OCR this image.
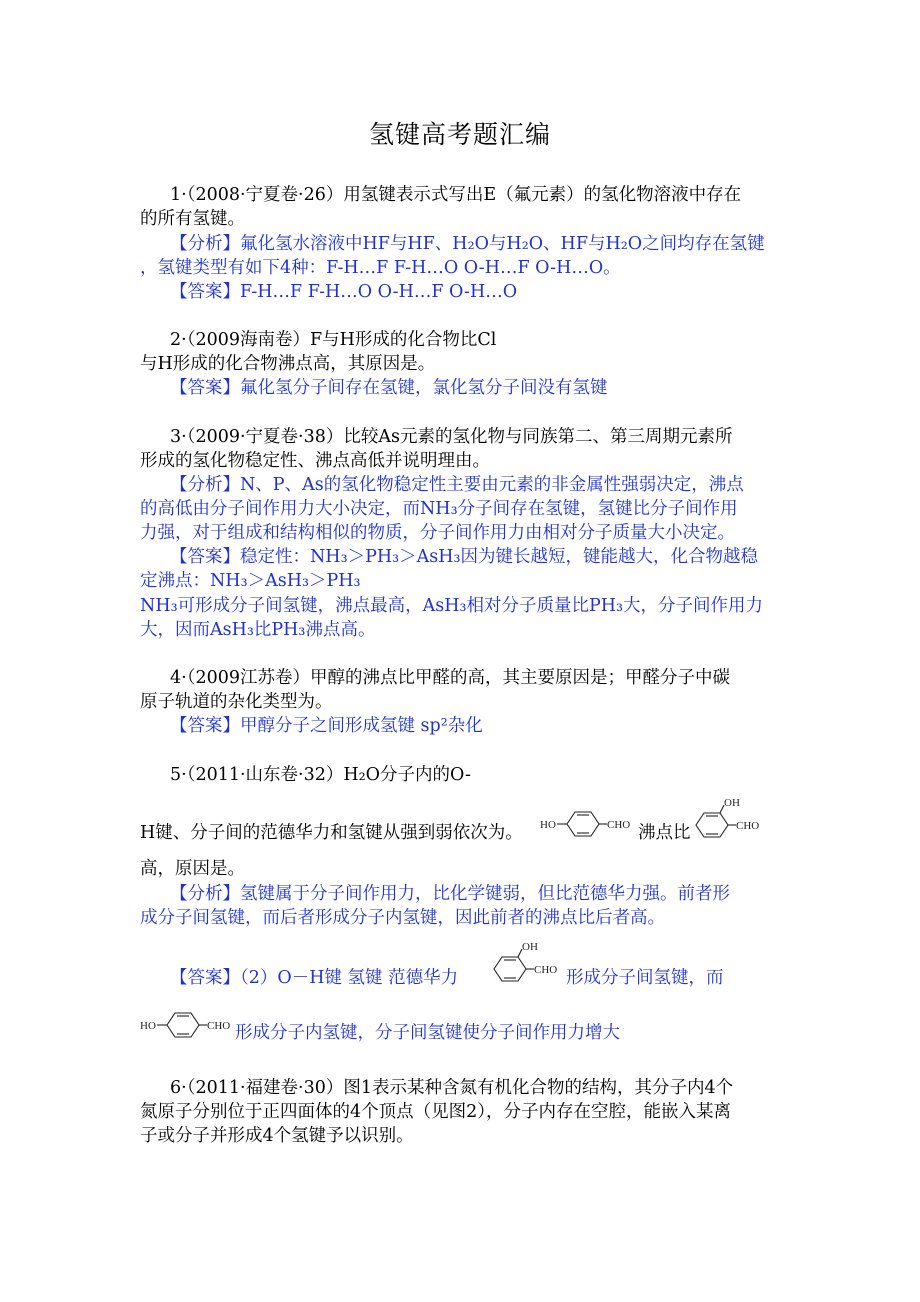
氢键高考题汇编
1·（2008·宁夏卷·26）用氢键表示式写出E（氟元素）的氢化物溶液中存在
的所有氢键。
【分析】氟化氢水溶液中HF与HF、H₂O与H₂O、HF与H₂O之间均存在氢键
，氢键类型有如下4种：F-H…F F-H…O O-H…F O-H…O。
【答案】F-H…F F-H…O O-H…F O-H…O
2·（2009海南卷）F与H形成的化合物比Cl
与H形成的化合物沸点高，其原因是。
【答案】氟化氢分子间存在氢键，氯化氢分子间没有氢键
3·（2009·宁夏卷·38）比较As元素的氢化物与同族第二、第三周期元素所
形成的氢化物稳定性、沸点高低并说明理由。
【分析】N、P、As的氢化物稳定性主要由元素的非金属性强弱决定，沸点
的高低由分子间作用力大小决定，而NH₃分子间存在氢键，氢键比分子间作用
力强，对于组成和结构相似的物质，分子间作用力由相对分子质量大小决定。
【答案】稳定性：NH₃＞PH₃＞AsH₃因为键长越短，键能越大，化合物越稳
定沸点：NH₃＞AsH₃＞PH₃
NH₃可形成分子间氢键，沸点最高，AsH₃相对分子质量比PH₃大，分子间作用力
大，因而AsH₃比PH₃沸点高。
4·（2009江苏卷）甲醇的沸点比甲醛的高，其主要原因是；甲醛分子中碳
原子轨道的杂化类型为。
【答案】甲醇分子之间形成氢键 sp²杂化
5·（2011·山东卷·32）H₂O分子内的O-
H键、分子间的范德华力和氢键从强到弱依次为。 HO	CHO 沸点比
OH
CHO
高，原因是。
【分析】氢键属于分子间作用力，比化学键弱，但比范德华力强。前者形
成分子间氢键，而后者形成分子内氢键，因此前者的沸点比后者高。
【答案】（2）O－H键 氢键 范德华力
OH
CHO 形成分子间氢键，而
HO	CHO 形成分子内氢键，分子间氢键使分子间作用力增大
6·（2011·福建卷·30）图1表示某种含氮有机化合物的结构，其分子内4个
氮原子分别位于正四面体的4个顶点（见图2），分子内存在空腔，能嵌入某离
子或分子并形成4个氢键予以识别。
